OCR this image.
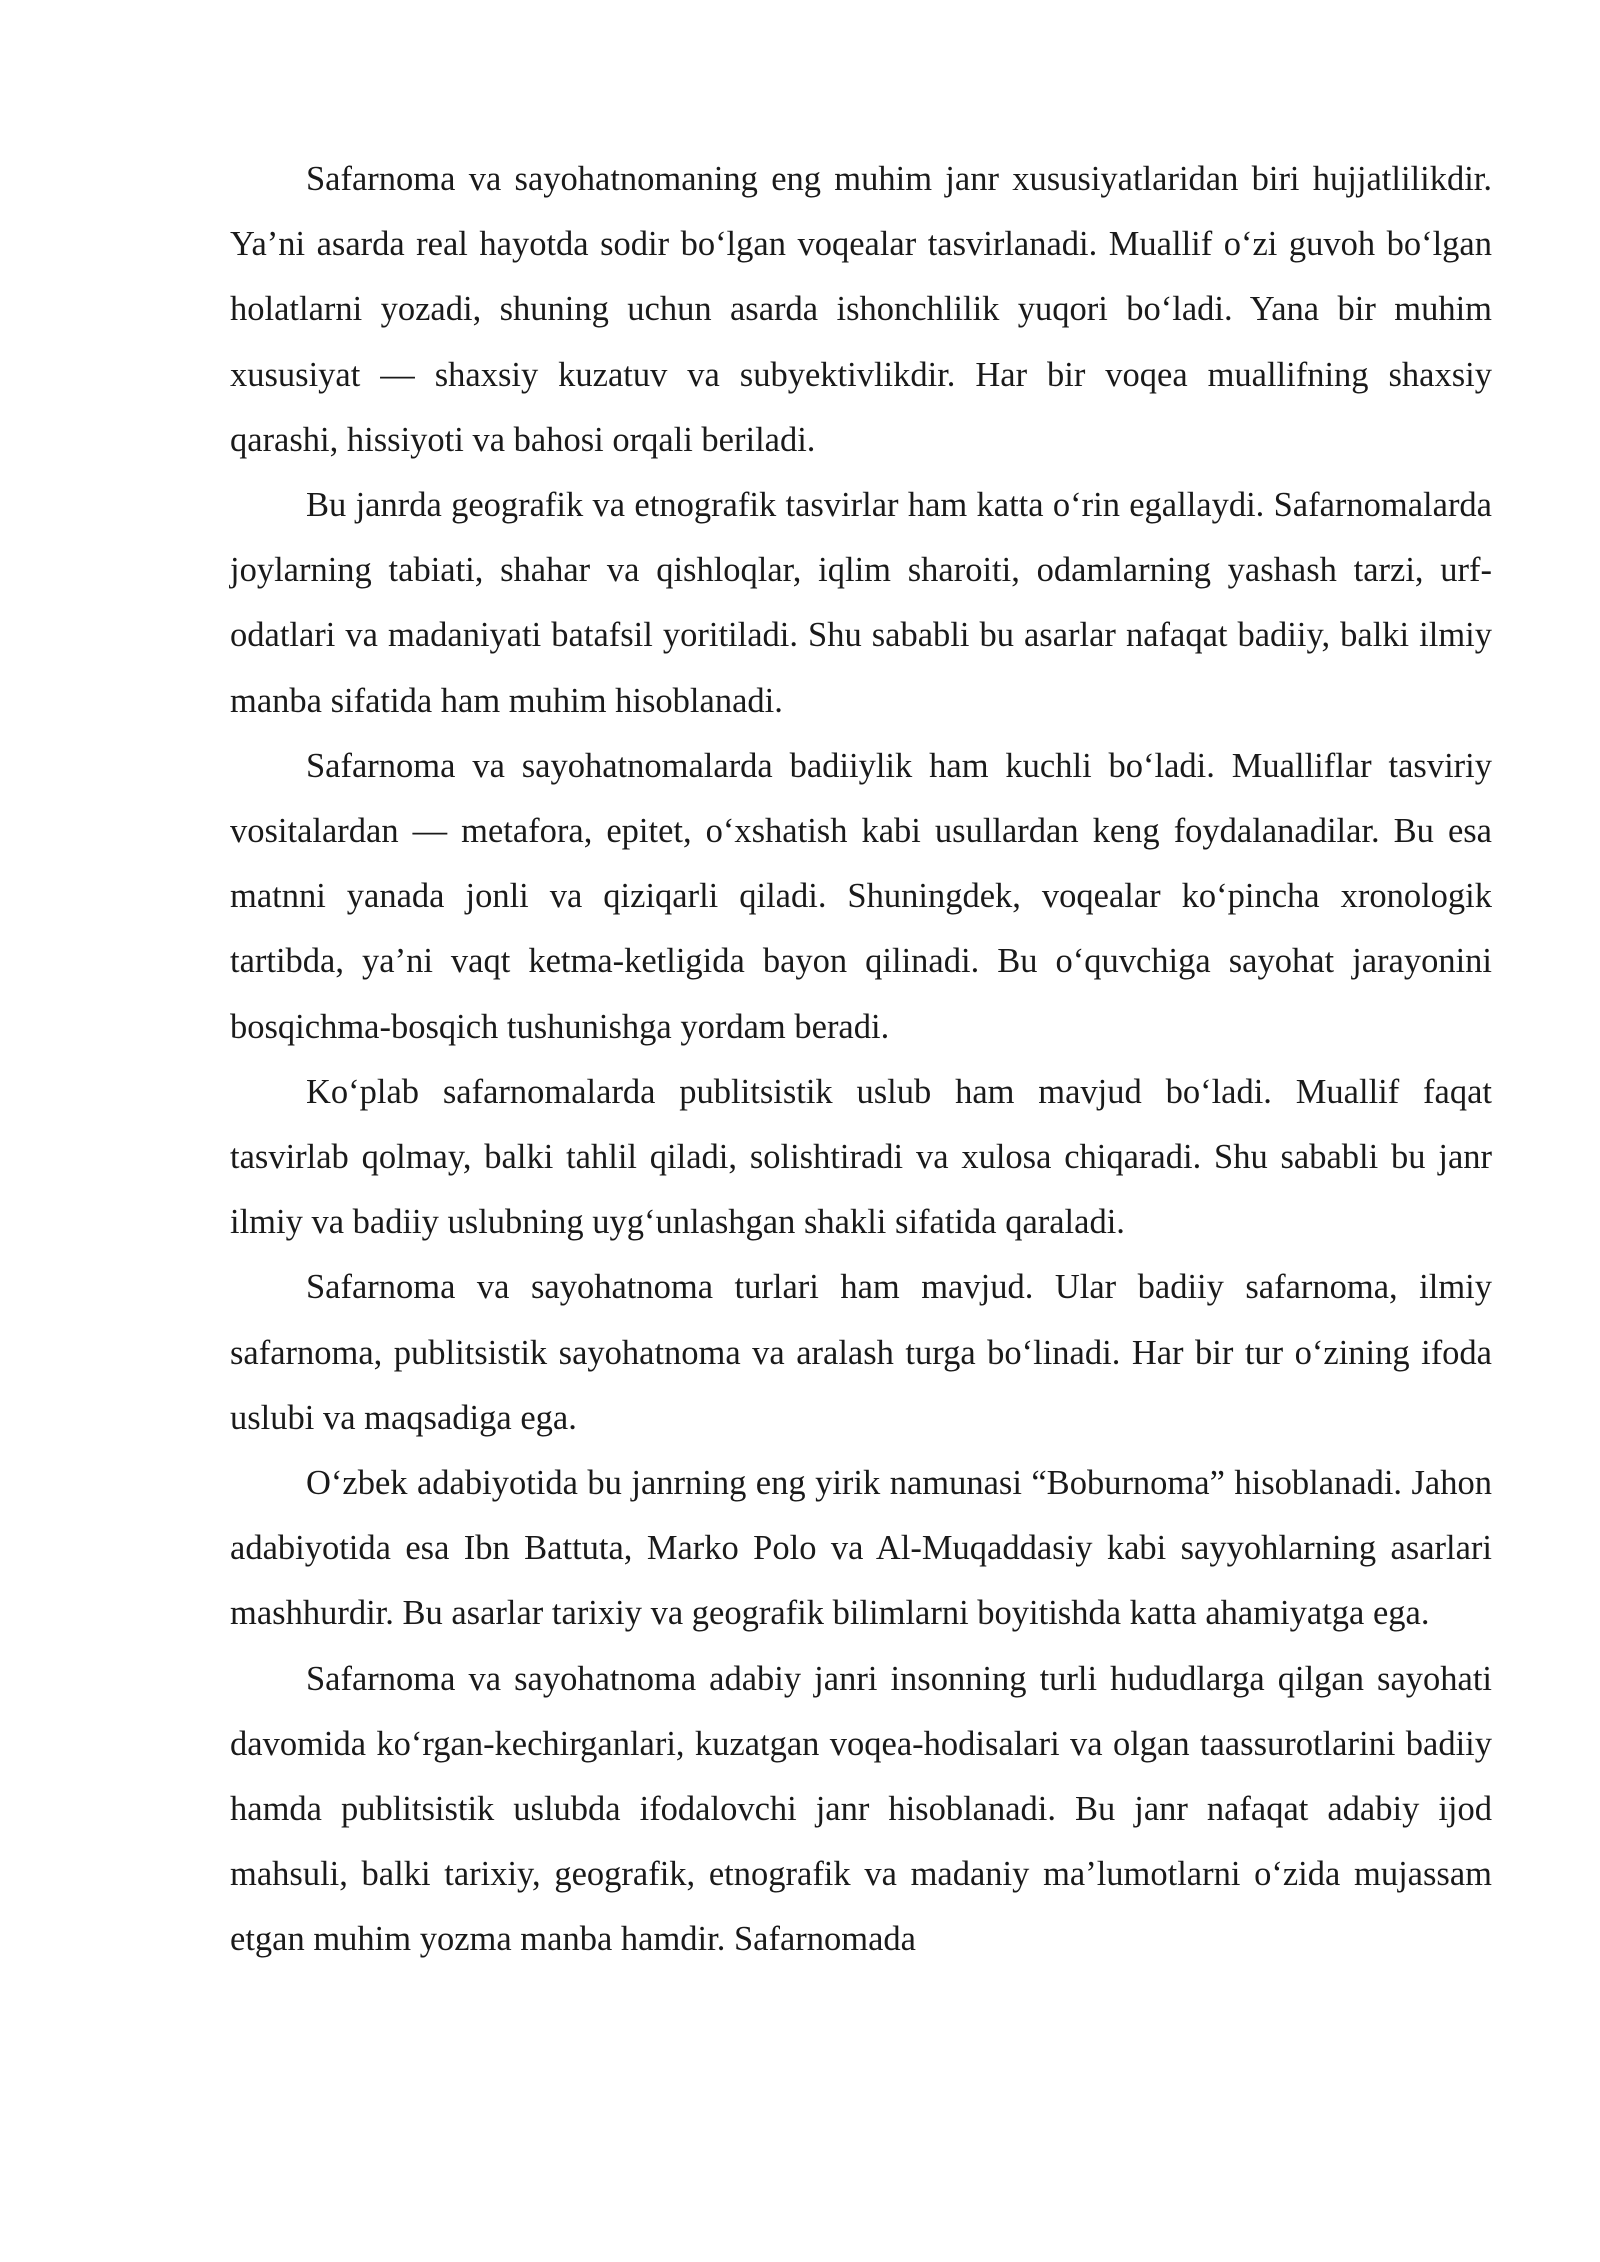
Safarnoma va sayohatnomaning eng muhim janr xususiyatlaridan biri hujjatlilikdir. Ya’ni asarda real hayotda sodir bo‘lgan voqealar tasvirlanadi. Muallif o‘zi guvoh bo‘lgan holatlarni yozadi, shuning uchun asarda ishonchlilik yuqori bo‘ladi. Yana bir muhim xususiyat — shaxsiy kuzatuv va subyektivlikdir. Har bir voqea muallifning shaxsiy qarashi, hissiyoti va bahosi orqali beriladi.

Bu janrda geografik va etnografik tasvirlar ham katta o‘rin egallaydi. Safarnomalarda joylarning tabiati, shahar va qishloqlar, iqlim sharoiti, odamlarning yashash tarzi, urf-odatlari va madaniyati batafsil yoritiladi. Shu sababli bu asarlar nafaqat badiiy, balki ilmiy manba sifatida ham muhim hisoblanadi.

Safarnoma va sayohatnomalarda badiiylik ham kuchli bo‘ladi. Mualliflar tasviriy vositalardan — metafora, epitet, o‘xshatish kabi usullardan keng foydalanadilar. Bu esa matnni yanada jonli va qiziqarli qiladi. Shuningdek, voqealar ko‘pincha xronologik tartibda, ya’ni vaqt ketma-ketligida bayon qilinadi. Bu o‘quvchiga sayohat jarayonini bosqichma-bosqich tushunishga yordam beradi.

Ko‘plab safarnomalarda publitsistik uslub ham mavjud bo‘ladi. Muallif faqat tasvirlab qolmay, balki tahlil qiladi, solishtiradi va xulosa chiqaradi. Shu sababli bu janr ilmiy va badiiy uslubning uyg‘unlashgan shakli sifatida qaraladi.

Safarnoma va sayohatnoma turlari ham mavjud. Ular badiiy safarnoma, ilmiy safarnoma, publitsistik sayohatnoma va aralash turga bo‘linadi. Har bir tur o‘zining ifoda uslubi va maqsadiga ega.

O‘zbek adabiyotida bu janrning eng yirik namunasi “Boburnoma” hisoblanadi. Jahon adabiyotida esa Ibn Battuta, Marko Polo va Al-Muqaddasiy kabi sayyohlarning asarlari mashhurdir. Bu asarlar tarixiy va geografik bilimlarni boyitishda katta ahamiyatga ega.

Safarnoma va sayohatnoma adabiy janri insonning turli hududlarga qilgan sayohati davomida ko‘rgan-kechirganlari, kuzatgan voqea-hodisalari va olgan taassurotlarini badiiy hamda publitsistik uslubda ifodalovchi janr hisoblanadi. Bu janr nafaqat adabiy ijod mahsuli, balki tarixiy, geografik, etnografik va madaniy ma’lumotlarni o‘zida mujassam etgan muhim yozma manba hamdir. Safarnomada
